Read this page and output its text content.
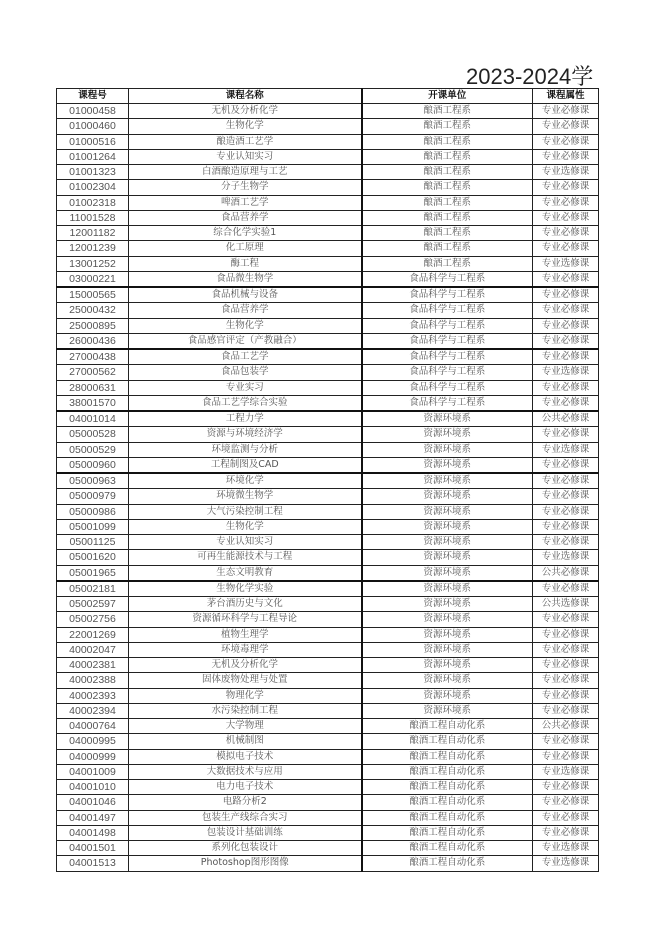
2023-2024学
课程号	课程名称	开课单位	课程属性
01000458	无机及分析化学	酿酒工程系	专业必修课
01000460	生物化学	酿酒工程系	专业必修课
01000516	酿造酒工艺学	酿酒工程系	专业必修课
01001264	专业认知实习	酿酒工程系	专业必修课
01001323	白酒酿造原理与工艺	酿酒工程系	专业选修课
01002304	分子生物学	酿酒工程系	专业必修课
01002318	啤酒工艺学	酿酒工程系	专业必修课
11001528	食品营养学	酿酒工程系	专业必修课
12001182	综合化学实验1	酿酒工程系	专业必修课
12001239	化工原理	酿酒工程系	专业必修课
13001252	酶工程	酿酒工程系	专业选修课
03000221	食品微生物学	食品科学与工程系	专业必修课
15000565	食品机械与设备	食品科学与工程系	专业必修课
25000432	食品营养学	食品科学与工程系	专业必修课
25000895	生物化学	食品科学与工程系	专业必修课
26000436	食品感官评定（产教融合）	食品科学与工程系	专业必修课
27000438	食品工艺学	食品科学与工程系	专业必修课
27000562	食品包装学	食品科学与工程系	专业选修课
28000631	专业实习	食品科学与工程系	专业必修课
38001570	食品工艺学综合实验	食品科学与工程系	专业必修课
04001014	工程力学	资源环境系	公共必修课
05000528	资源与环境经济学	资源环境系	专业必修课
05000529	环境监测与分析	资源环境系	专业选修课
05000960	工程制图及CAD	资源环境系	专业必修课
05000963	环境化学	资源环境系	专业必修课
05000979	环境微生物学	资源环境系	专业必修课
05000986	大气污染控制工程	资源环境系	专业必修课
05001099	生物化学	资源环境系	专业必修课
05001125	专业认知实习	资源环境系	专业必修课
05001620	可再生能源技术与工程	资源环境系	专业选修课
05001965	生态文明教育	资源环境系	公共必修课
05002181	生物化学实验	资源环境系	专业必修课
05002597	茅台酒历史与文化	资源环境系	公共选修课
05002756	资源循环科学与工程导论	资源环境系	专业必修课
22001269	植物生理学	资源环境系	专业必修课
40002047	环境毒理学	资源环境系	专业必修课
40002381	无机及分析化学	资源环境系	专业必修课
40002388	固体废物处理与处置	资源环境系	专业必修课
40002393	物理化学	资源环境系	专业必修课
40002394	水污染控制工程	资源环境系	专业必修课
04000764	大学物理	酿酒工程自动化系	公共必修课
04000995	机械制图	酿酒工程自动化系	专业必修课
04000999	模拟电子技术	酿酒工程自动化系	专业必修课
04001009	大数据技术与应用	酿酒工程自动化系	专业选修课
04001010	电力电子技术	酿酒工程自动化系	专业必修课
04001046	电路分析2	酿酒工程自动化系	专业必修课
04001497	包装生产线综合实习	酿酒工程自动化系	专业必修课
04001498	包装设计基础训练	酿酒工程自动化系	专业必修课
04001501	系列化包装设计	酿酒工程自动化系	专业选修课
04001513	Photoshop图形图像	酿酒工程自动化系	专业选修课
